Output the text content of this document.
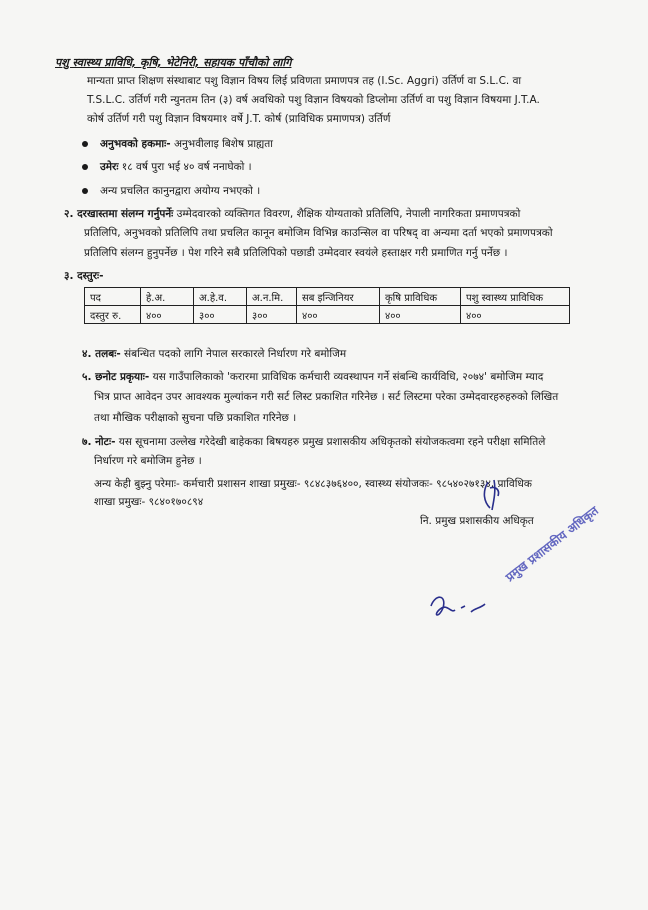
पशु स्वास्थ्य प्राविधि, कृषि, भेटेनिरी, सहायक पाँचौको लागि
मान्यता प्राप्त शिक्षण संस्थाबाट पशु विज्ञान विषय लिई प्रविणता प्रमाणपत्र तह (I.Sc. Aggri) उर्तिर्ण वा S.L.C. वा
T.S.L.C. उर्तिर्ण गरी न्युनतम तिन (३) वर्ष अवधिको पशु विज्ञान विषयको डिप्लोमा उर्तिर्ण वा पशु विज्ञान विषयमा J.T.A.
कोर्ष उर्तिर्ण गरी पशु विज्ञान विषयमा१ वर्षे J.T. कोर्ष (प्राविधिक प्रमाणपत्र) उर्तिर्ण
अनुभवको हकमाः- अनुभवीलाइ बिशेष प्राह्यता
उमेरः १८ वर्ष पुरा भई ४० वर्ष ननाघेको ।
अन्य प्रचलित कानुनद्वारा अयोग्य नभएको ।
२. दरखास्तमा संलग्न गर्नुपर्नेः उम्मेदवारको व्यक्तिगत विवरण, शैक्षिक योग्यताको प्रतिलिपि, नेपाली नागरिकता प्रमाणपत्रको
प्रतिलिपि, अनुभवको प्रतिलिपि तथा प्रचलित कानून बमोजिम विभिन्न काउन्सिल वा परिषद् वा अन्यमा दर्ता भएको प्रमाणपत्रको
प्रतिलिपि संलग्न हुनुपर्नेछ । पेश गरिने सबै प्रतिलिपिको पछाडी उम्मेदवार स्वयंले हस्ताक्षर गरी प्रमाणित गर्नु पर्नेछ ।
३. दस्तुरः-
पद	हे.अ.	अ.हे.व.	अ.न.मि.	सब इन्जिनियर	कृषि प्राविधिक	पशु स्वास्थ्य प्राविधिक
दस्तुर रु.	४००	३००	३००	४००	४००	४००
४. तलबः- संबन्धित पदको लागि नेपाल सरकारले निर्धारण गरे बमोजिम
५. छनोट प्रकृयाः- यस गाउँपालिकाको 'करारमा प्राविधिक कर्मचारी व्यवस्थापन गर्ने संबन्धि कार्यविधि, २०७४' बमोजिम म्याद
भित्र प्राप्त आवेदन उपर आवश्यक मुल्यांकन गरी सर्ट लिस्ट प्रकाशित गरिनेछ । सर्ट लिस्टमा परेका उम्मेदवारहरुहरुको लिखित
तथा मौखिक परीक्षाको सुचना पछि प्रकाशित गरिनेछ ।
७. नोटः- यस सूचनामा उल्लेख गरेदेखी बाहेकका बिषयहरु प्रमुख प्रशासकीय अधिकृतको संयोजकत्वमा रहने परीक्षा समितिले
निर्धारण गरे बमोजिम हुनेछ ।
अन्य केही बुझ्नु परेमाः- कर्मचारी प्रशासन शाखा प्रमुखः- ९८४८३७६४००, स्वास्थ्य संयोजकः- ९८५४०२७१३४, प्राविधिक
शाखा प्रमुखः- ९८४०१७०८९४
नि. प्रमुख प्रशासकीय अधिकृत
प्रमुख प्रशासकीय अधिकृत
